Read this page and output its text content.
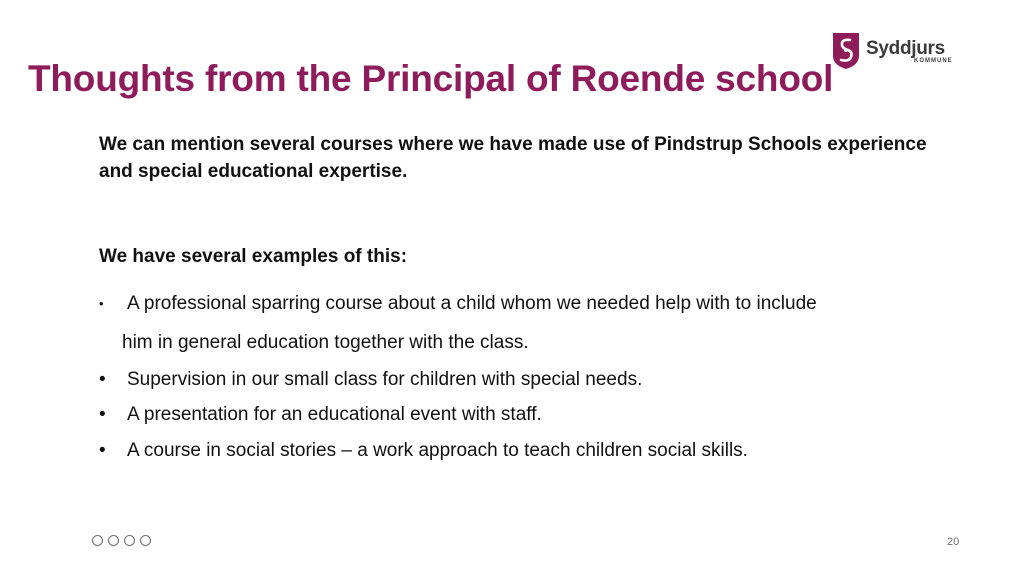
Thoughts from the Principal of Roende school
Syddjurs
KOMMUNE

We can mention several courses where we have made use of Pindstrup Schools experience and special educational expertise.

We have several examples of this:

• A professional sparring course about a child whom we needed help with to include
him in general education together with the class.
• Supervision in our small class for children with special needs.
• A presentation for an educational event with staff.
• A course in social stories – a work approach to teach children social skills.
20
